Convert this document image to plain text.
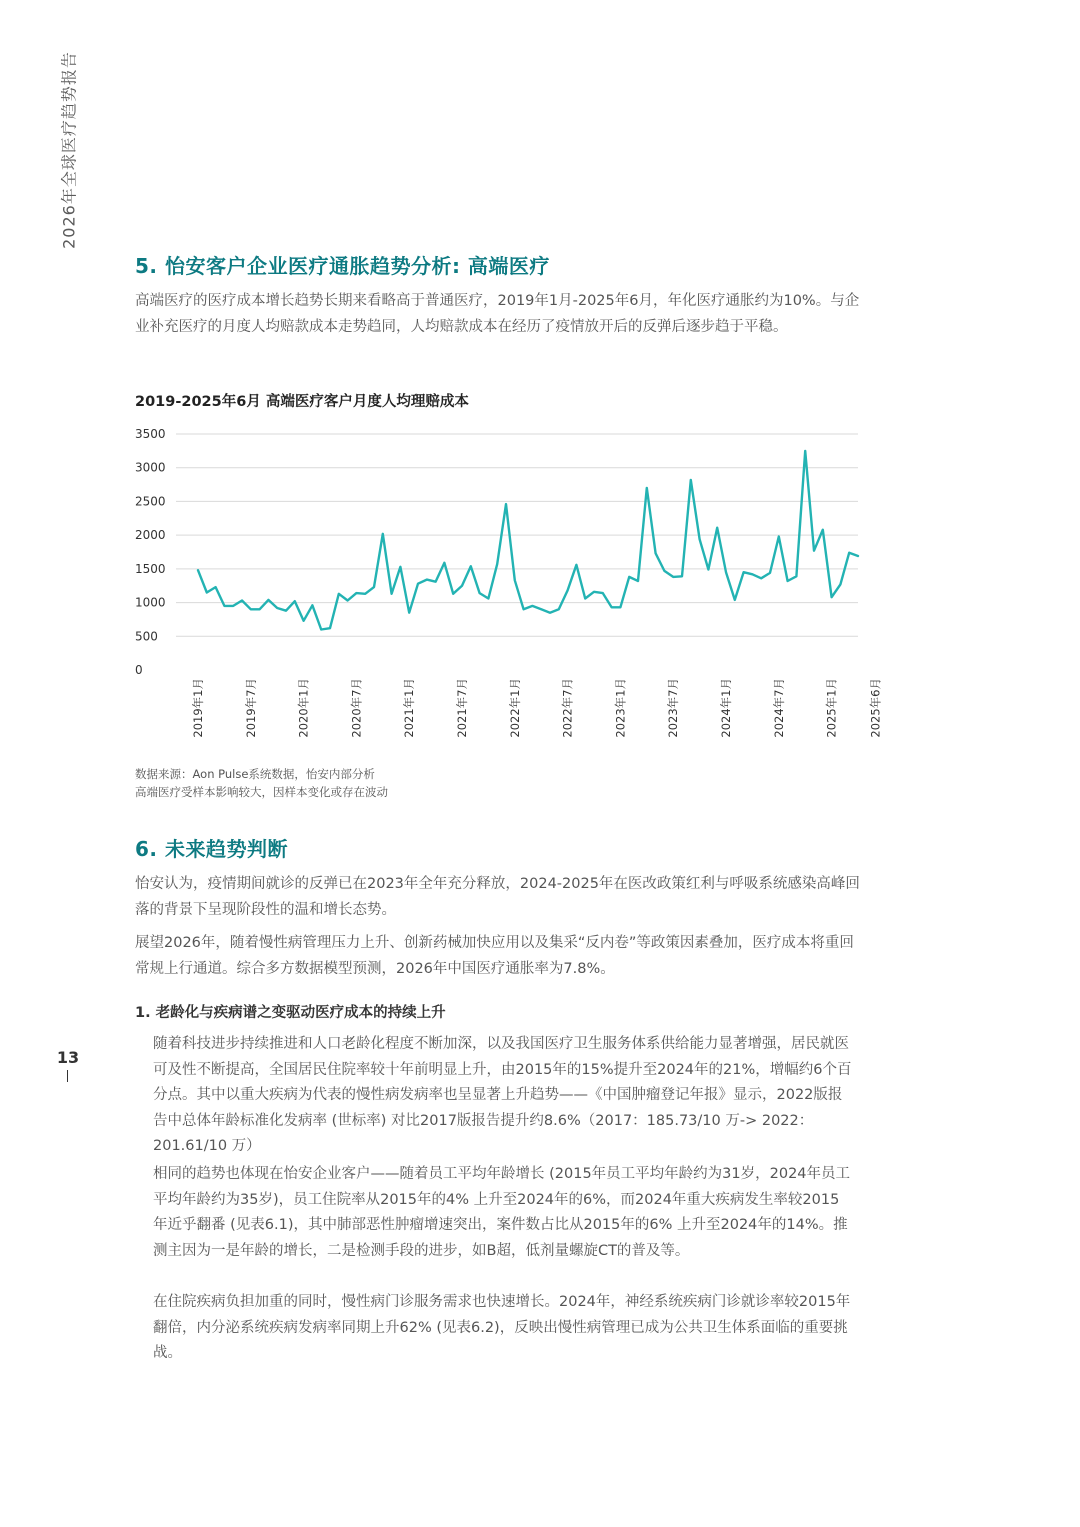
2026年全球医疗趋势报告
13
5. 怡安客户企业医疗通胀趋势分析: 高端医疗

高端医疗的医疗成本增长趋势长期来看略高于普通医疗，2019年1月-2025年6月，年化医疗通胀约为10%。与企业补充医疗的月度人均赔款成本走势趋同，人均赔款成本在经历了疫情放开后的反弹后逐步趋于平稳。

2019-2025年6月 高端医疗客户月度人均理赔成本
0
500
1000
1500
2000
2500
3000
3500
2019年1月	2019年7月	2020年1月	2020年7月	2021年1月	2021年7月	2022年1月	2022年7月	2023年1月	2023年7月	2024年1月	2024年7月	2025年1月	2025年6月
数据来源：Aon Pulse系统数据，怡安内部分析
高端医疗受样本影响较大，因样本变化或存在波动
6. 未来趋势判断

怡安认为，疫情期间就诊的反弹已在2023年全年充分释放，2024-2025年在医改政策红利与呼吸系统感染高峰回落的背景下呈现阶段性的温和增长态势。

展望2026年，随着慢性病管理压力上升、创新药械加快应用以及集采“反内卷”等政策因素叠加，医疗成本将重回常规上行通道。综合多方数据模型预测，2026年中国医疗通胀率为7.8%。

1. 老龄化与疾病谱之变驱动医疗成本的持续上升

随着科技进步持续推进和人口老龄化程度不断加深，以及我国医疗卫生服务体系供给能力显著增强，居民就医可及性不断提高，全国居民住院率较十年前明显上升，由2015年的15%提升至2024年的21%，增幅约6个百分点。其中以重大疾病为代表的慢性病发病率也呈显著上升趋势——《中国肿瘤登记年报》显示，2022版报告中总体年龄标准化发病率 (世标率) 对比2017版报告提升约8.6%（2017：185.73/10 万-> 2022：201.61/10 万）

相同的趋势也体现在怡安企业客户——随着员工平均年龄增长 (2015年员工平均年龄约为31岁，2024年员工平均年龄约为35岁)，员工住院率从2015年的4% 上升至2024年的6%，而2024年重大疾病发生率较2015年近乎翻番 (见表6.1)，其中肺部恶性肿瘤增速突出，案件数占比从2015年的6% 上升至2024年的14%。推测主因为一是年龄的增长，二是检测手段的进步，如B超，低剂量螺旋CT的普及等。

在住院疾病负担加重的同时，慢性病门诊服务需求也快速增长。2024年，神经系统疾病门诊就诊率较2015年翻倍，内分泌系统疾病发病率同期上升62% (见表6.2)，反映出慢性病管理已成为公共卫生体系面临的重要挑战。
